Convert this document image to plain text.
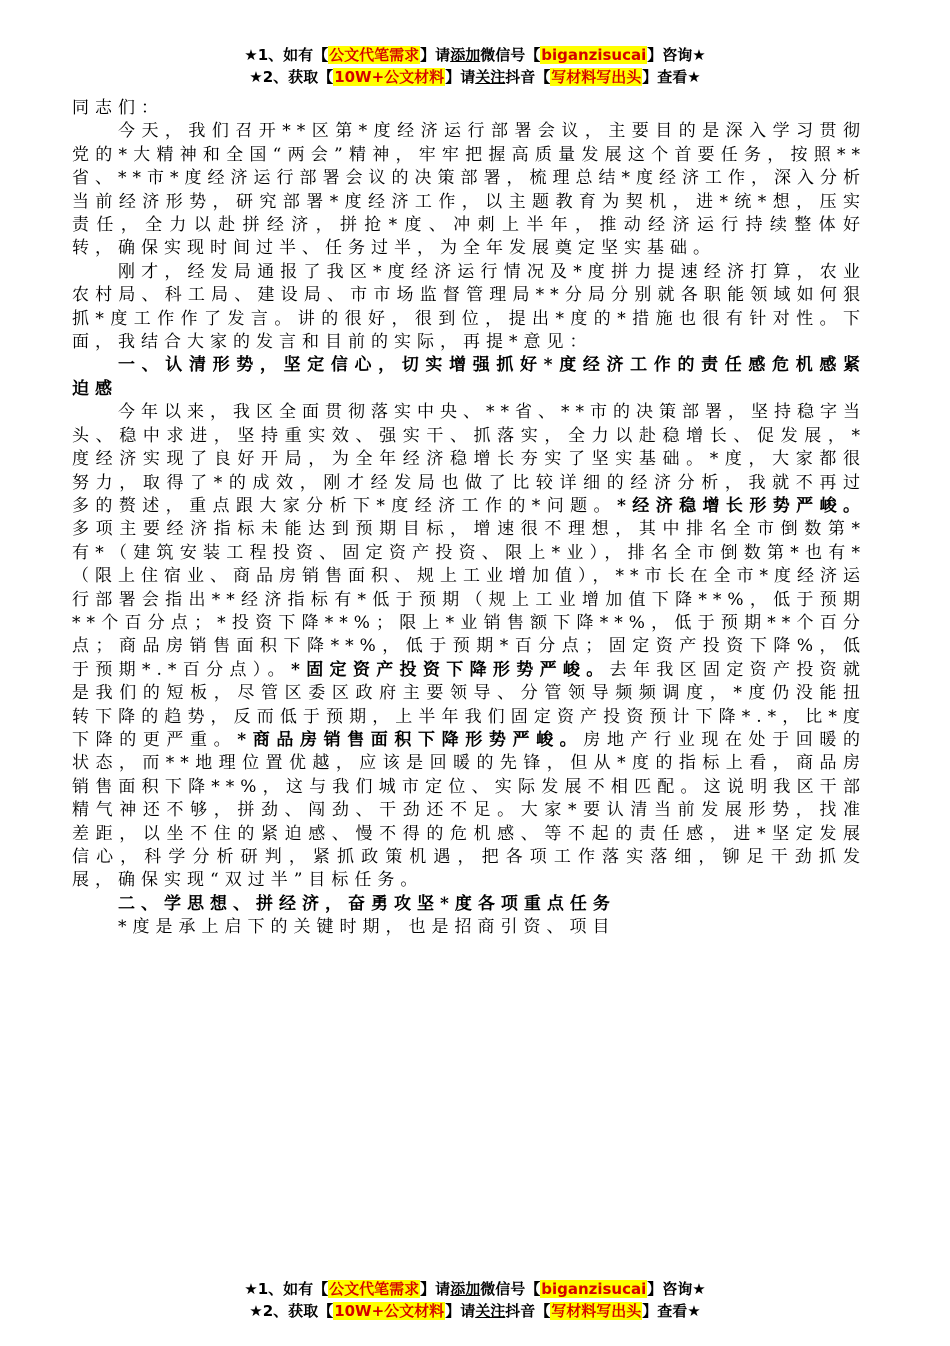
★1、如有【公文代笔需求】请添加微信号【biganzisucai】咨询★
★2、获取【10W+公文材料】请关注抖音【写材料写出头】查看★

同志们：

今天，我们召开**区第*度经济运行部署会议，主要目的是深入学习贯彻党的*大精神和全国“两会”精神，牢牢把握高质量发展这个首要任务，按照**省、**市*度经济运行部署会议的决策部署，梳理总结*度经济工作，深入分析当前经济形势，研究部署*度经济工作，以主题教育为契机，进*统*想，压实责任，全力以赴拼经济，拼抢*度、冲刺上半年，推动经济运行持续整体好转，确保实现时间过半、任务过半，为全年发展奠定坚实基础。

刚才，经发局通报了我区*度经济运行情况及*度拼力提速经济打算，农业农村局、科工局、建设局、市市场监督管理局**分局分别就各职能领域如何狠抓*度工作作了发言。讲的很好，很到位，提出*度的*措施也很有针对性。下面，我结合大家的发言和目前的实际，再提*意见：

一、认清形势，坚定信心，切实增强抓好*度经济工作的责任感危机感紧迫感

今年以来，我区全面贯彻落实中央、**省、**市的决策部署，坚持稳字当头、稳中求进，坚持重实效、强实干、抓落实，全力以赴稳增长、促发展，*度经济实现了良好开局，为全年经济稳增长夯实了坚实基础。*度，大家都很努力，取得了*的成效，刚才经发局也做了比较详细的经济分析，我就不再过多的赘述，重点跟大家分析下*度经济工作的*问题。*经济稳增长形势严峻。多项主要经济指标未能达到预期目标，增速很不理想，其中排名全市倒数第*有*（建筑安装工程投资、固定资产投资、限上*业），排名全市倒数第*也有*（限上住宿业、商品房销售面积、规上工业增加值），**市长在全市*度经济运行部署会指出**经济指标有*低于预期（规上工业增加值下降**%，低于预期**个百分点；*投资下降**%；限上*业销售额下降**%，低于预期**个百分点；商品房销售面积下降**%，低于预期*百分点；固定资产投资下降%，低于预期*.*百分点）。*固定资产投资下降形势严峻。去年我区固定资产投资就是我们的短板，尽管区委区政府主要领导、分管领导频频调度，*度仍没能扭转下降的趋势，反而低于预期，上半年我们固定资产投资预计下降*.*，比*度下降的更严重。*商品房销售面积下降形势严峻。房地产行业现在处于回暖的状态，而**地理位置优越，应该是回暖的先锋，但从*度的指标上看，商品房销售面积下降**%，这与我们城市定位、实际发展不相匹配。这说明我区干部精气神还不够，拼劲、闯劲、干劲还不足。大家*要认清当前发展形势，找准差距，以坐不住的紧迫感、慢不得的危机感、等不起的责任感，进*坚定发展信心，科学分析研判，紧抓政策机遇，把各项工作落实落细，铆足干劲抓发展，确保实现“双过半”目标任务。

二、学思想、拼经济，奋勇攻坚*度各项重点任务

*度是承上启下的关键时期，也是招商引资、项目

★1、如有【公文代笔需求】请添加微信号【biganzisucai】咨询★
★2、获取【10W+公文材料】请关注抖音【写材料写出头】查看★
